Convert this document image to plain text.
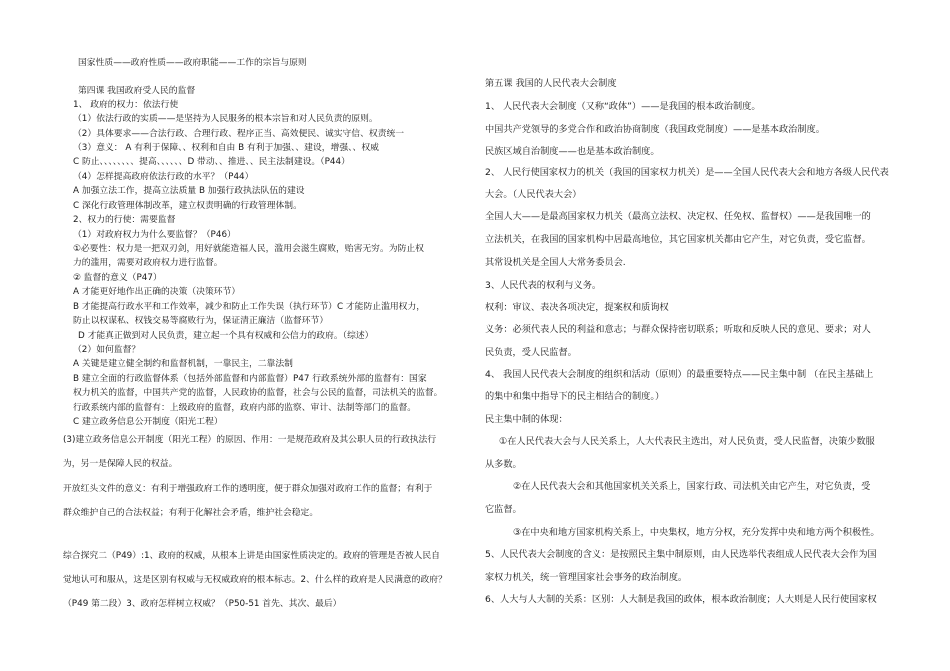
国家性质——政府性质——政府职能——工作的宗旨与原则
第四课 我国政府受人民的监督
1、 政府的权力：依法行使
（1）依法行政的实质——是坚持为人民服务的根本宗旨和对人民负责的原则。
（2）具体要求——合法行政、合理行政、程序正当、高效便民、诚实守信、权责统一
（3）意义： A 有利于保障、、权利和自由 B 有利于加强、、建设，增强、、权威
C 防止、、、、、、、、提高、、、、、、D 带动、、推进、、民主法制建设。（P44）
（4）怎样提高政府依法行政的水平？（P44）
A 加强立法工作，提高立法质量 B 加强行政执法队伍的建设
C 深化行政管理体制改革，建立权责明确的行政管理体制。
2、权力的行使：需要监督
（1）对政府权力为什么要监督？（P46）
①必要性：权力是一把双刃剑，用好就能造福人民，滥用会滋生腐败，贻害无穷。为防止权
力的滥用，需要对政府权力进行监督。
② 监督的意义（P47）
A 才能更好地作出正确的决策（决策环节）
B 才能提高行政水平和工作效率，减少和防止工作失误（执行环节）C 才能防止滥用权力，
防止以权谋私、权钱交易等腐败行为，保证清正廉洁（监督环节）
D 才能真正做到对人民负责，建立起一个具有权威和公信力的政府。（综述）
（2）如何监督？
A 关键是建立健全制约和监督机制，一靠民主，二靠法制
B 建立全面的行政监督体系（包括外部监督和内部监督）P47 行政系统外部的监督有：国家
权力机关的监督，中国共产党的监督，人民政协的监督，社会与公民的监督，司法机关的监督。
行政系统内部的监督有：上级政府的监督，政府内部的监察、审计、法制等部门的监督。
C 建立政务信息公开制度（阳光工程）
(3)建立政务信息公开制度（阳光工程）的原因、作用：一是规范政府及其公职人员的行政执法行
为，另一是保障人民的权益。
开放红头文件的意义：有利于增强政府工作的透明度，便于群众加强对政府工作的监督；有利于
群众维护自己的合法权益；有利于化解社会矛盾，维护社会稳定。
综合探究二（P49）:1、政府的权威，从根本上讲是由国家性质决定的。政府的管理是否被人民自
觉地认可和服从，这是区别有权威与无权威政府的根本标志。2、什么样的政府是人民满意的政府？
（P49 第二段）3、政府怎样树立权威？（P50-51 首先、其次、最后）
第五课 我国的人民代表大会制度
1、 人民代表大会制度（又称“政体”）——是我国的根本政治制度。
中国共产党领导的多党合作和政治协商制度（我国政党制度）——是基本政治制度。
民族区域自治制度——也是基本政治制度。
2、 人民行使国家权力的机关（我国的国家权力机关）是——全国人民代表大会和地方各级人民代表
大会。（人民代表大会）
全国人大——是最高国家权力机关（最高立法权、决定权、任免权、监督权）——是我国唯一的
立法机关，在我国的国家机构中居最高地位，其它国家机关都由它产生，对它负责，受它监督。
其常设机关是全国人大常务委员会.
3、人民代表的权利与义务。
权利：审议、表决各项决定，提案权和质询权
义务：必须代表人民的利益和意志；与群众保持密切联系；听取和反映人民的意见、要求；对人
民负责，受人民监督。
4、 我国人民代表大会制度的组织和活动（原则）的最重要特点——民主集中制 （在民主基础上
的集中和集中指导下的民主相结合的制度。）
民主集中制的体现：
①在人民代表大会与人民关系上，人大代表民主选出，对人民负责，受人民监督，决策少数服
从多数。
②在人民代表大会和其他国家机关关系上，国家行政、司法机关由它产生，对它负责，受
它监督。
③在中央和地方国家机构关系上，中央集权，地方分权，充分发挥中央和地方两个积极性。
5、人民代表大会制度的含义：是按照民主集中制原则，由人民选举代表组成人民代表大会作为国
家权力机关，统一管理国家社会事务的政治制度。
6、人大与人大制的关系：区别：人大制是我国的政体，根本政治制度；人大则是人民行使国家权
